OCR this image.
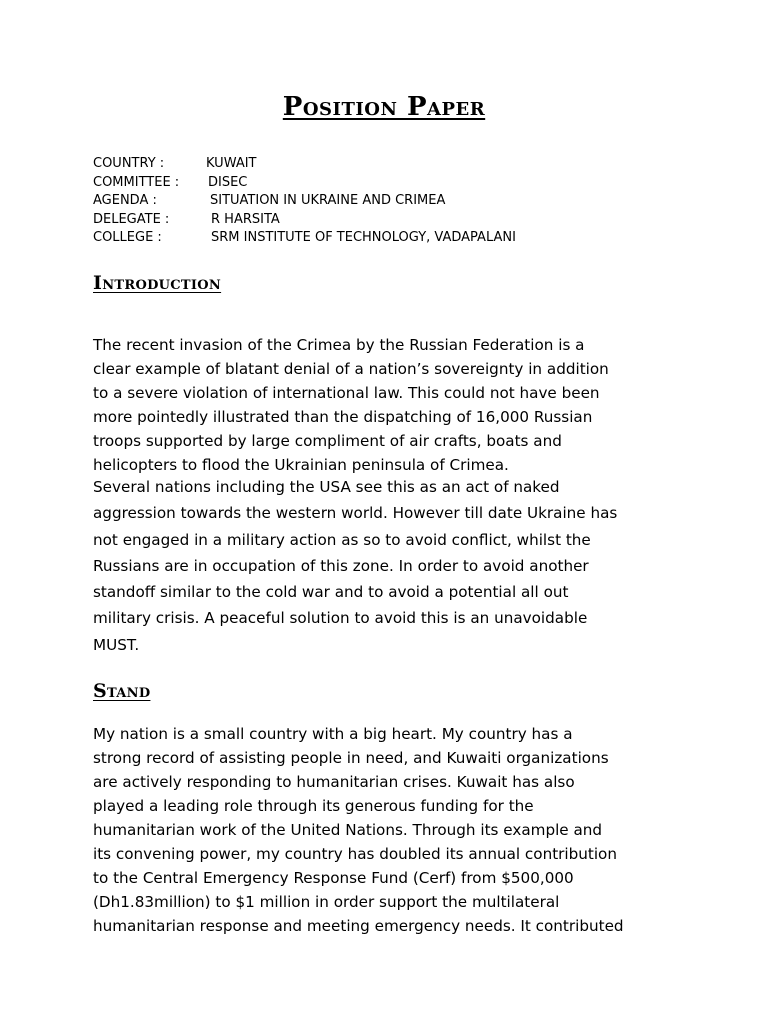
Position Paper
COUNTRY :	KUWAIT
COMMITTEE :	DISEC
AGENDA :	SITUATION IN UKRAINE AND CRIMEA
DELEGATE :	R HARSITA
COLLEGE :	SRM INSTITUTE OF TECHNOLOGY, VADAPALANI
Introduction
The recent invasion of the Crimea by the Russian Federation is a
clear example of blatant denial of a nation’s sovereignty in addition
to a severe violation of international law. This could not have been
more pointedly illustrated than the dispatching of 16,000 Russian
troops supported by large compliment of air crafts, boats and
helicopters to flood the Ukrainian peninsula of Crimea.
Several nations including the USA see this as an act of naked
aggression towards the western world. However till date Ukraine has
not engaged in a military action as so to avoid conflict, whilst the
Russians are in occupation of this zone. In order to avoid another
standoff similar to the cold war and to avoid a potential all out
military crisis. A peaceful solution to avoid this is an unavoidable
MUST.
Stand
My nation is a small country with a big heart. My country has a
strong record of assisting people in need, and Kuwaiti organizations
are actively responding to humanitarian crises. Kuwait has also
played a leading role through its generous funding for the
humanitarian work of the United Nations. Through its example and
its convening power, my country has doubled its annual contribution
to the Central Emergency Response Fund (Cerf) from $500,000
(Dh1.83million) to $1 million in order support the multilateral
humanitarian response and meeting emergency needs. It contributed
